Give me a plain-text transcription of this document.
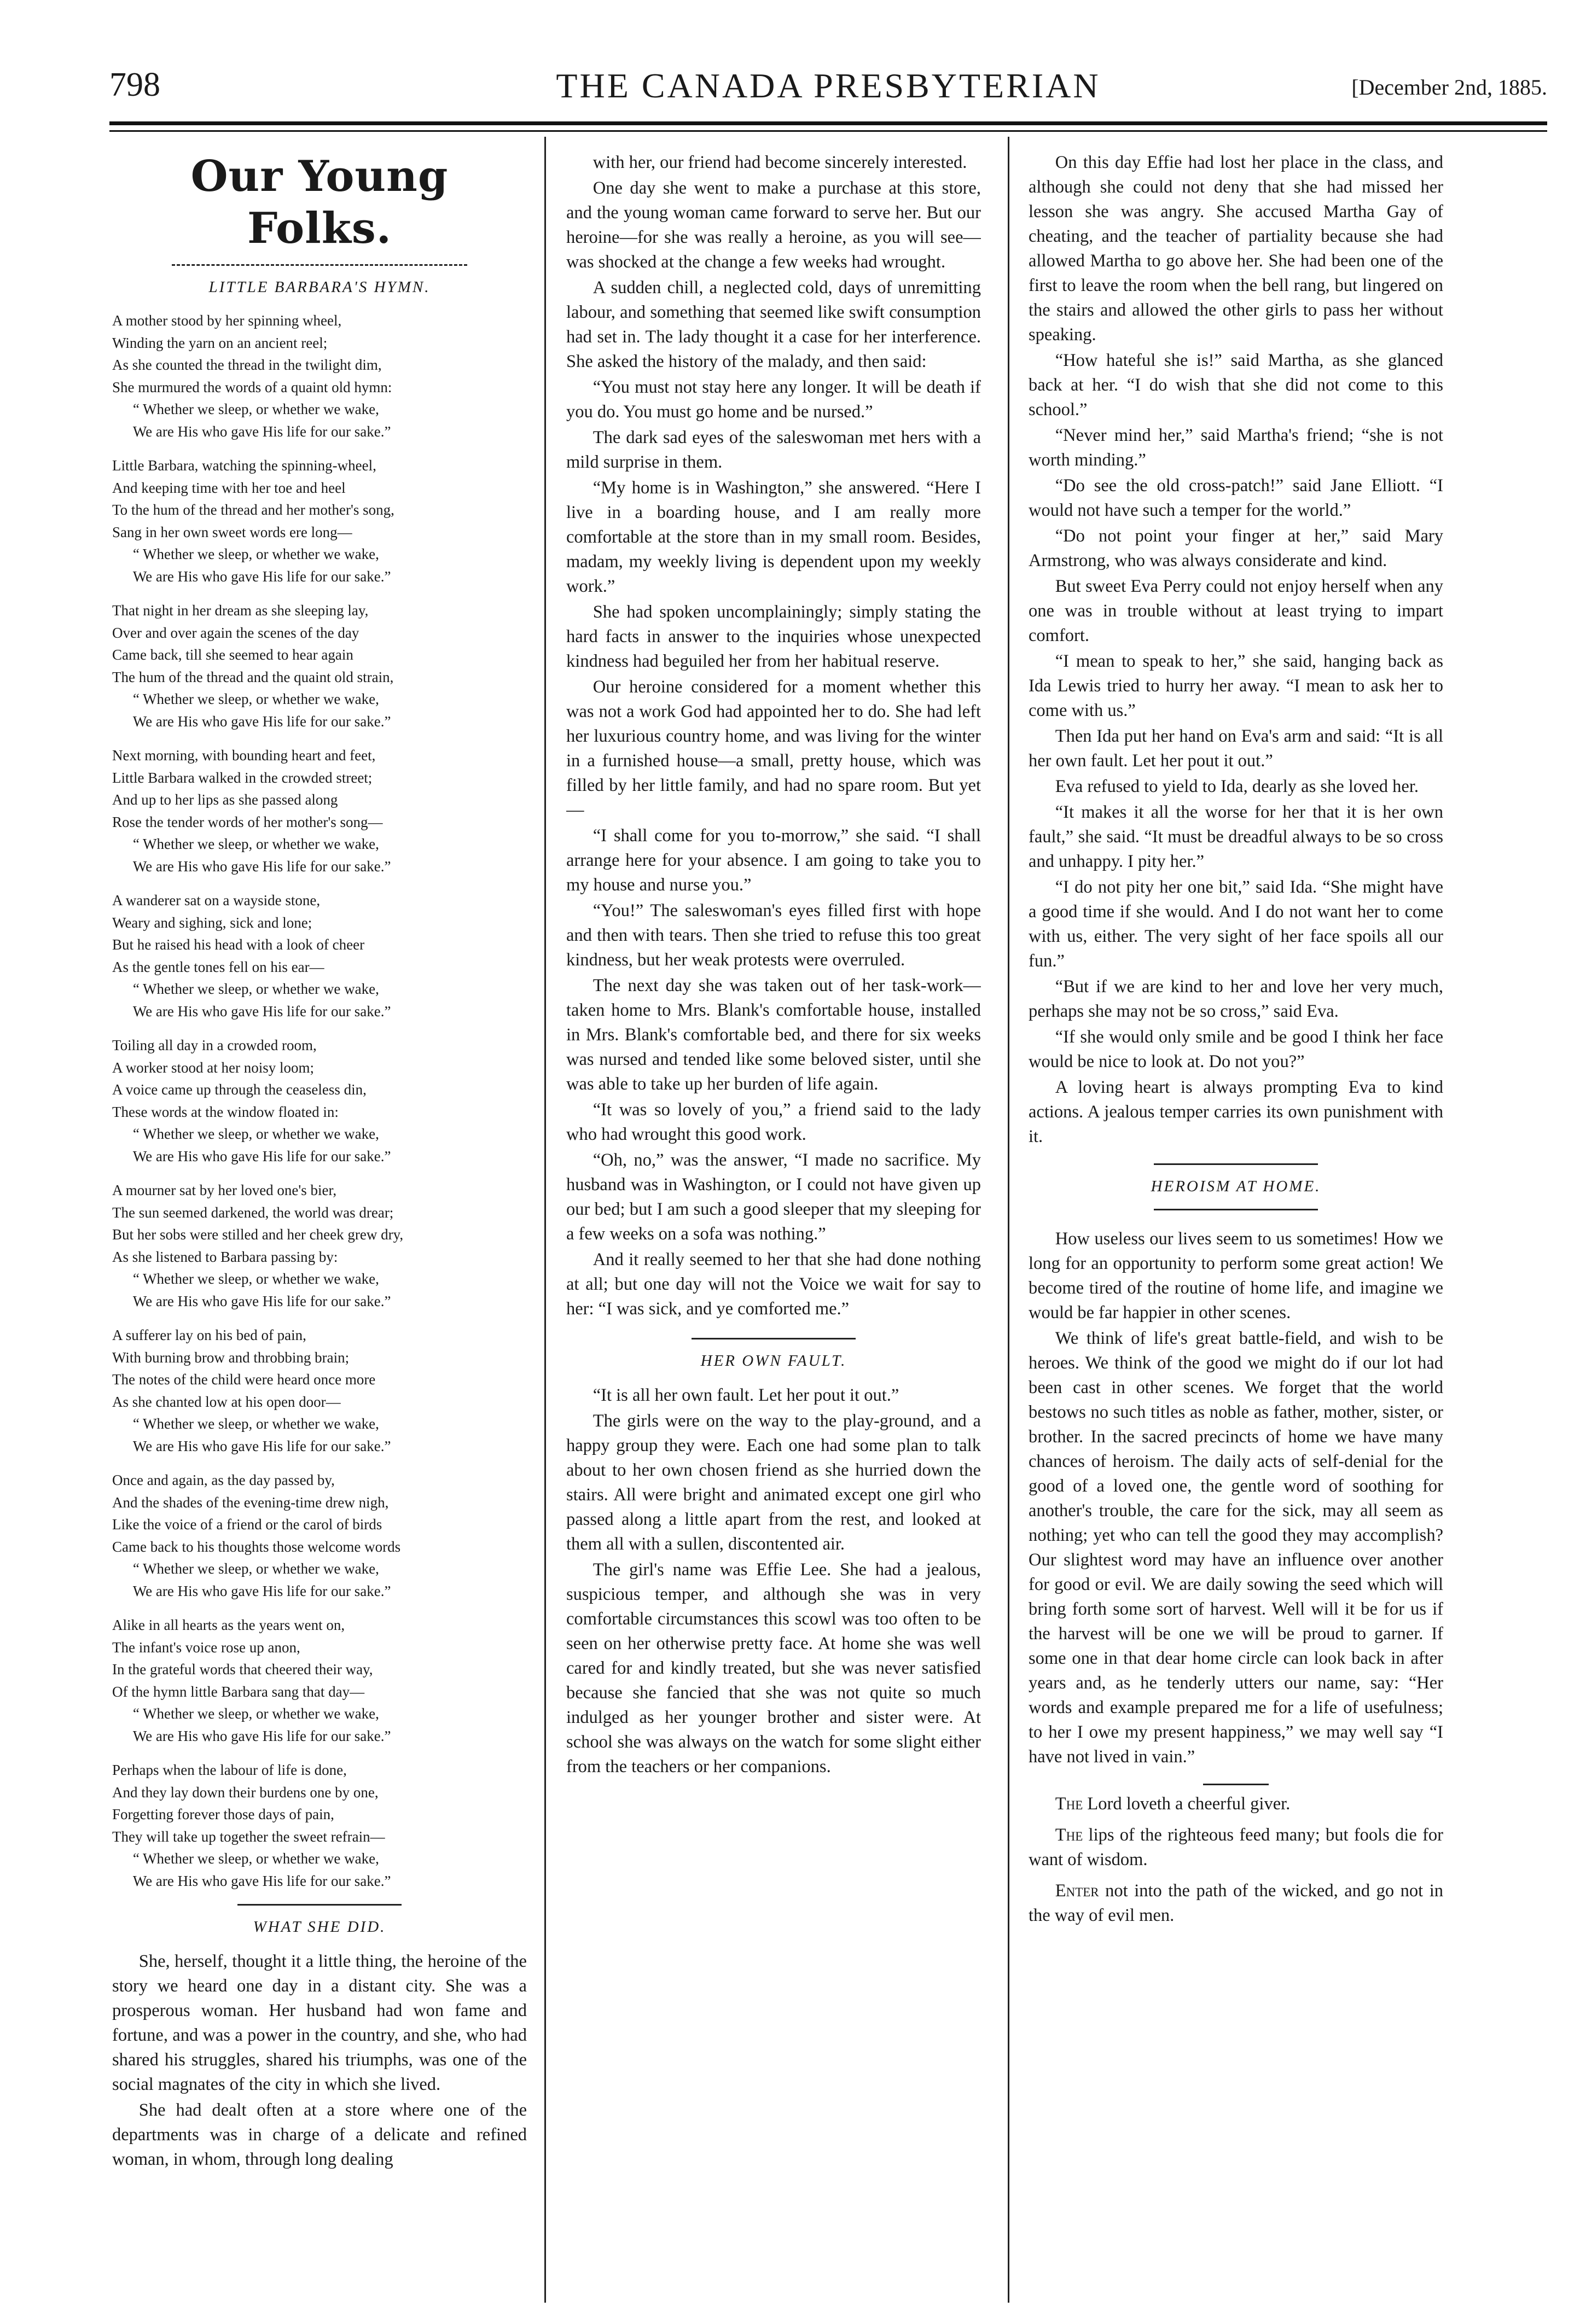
798	THE CANADA PRESBYTERIAN	[December 2nd, 1885.
Our Young Folks.
LITTLE BARBARA'S HYMN.
A mother stood by her spinning wheel,
Winding the yarn on an ancient reel;
As she counted the thread in the twilight dim,
She murmured the words of a quaint old hymn:
“ Whether we sleep, or whether we wake,
We are His who gave His life for our sake.”
Little Barbara, watching the spinning-wheel,
And keeping time with her toe and heel
To the hum of the thread and her mother's song,
Sang in her own sweet words ere long—
“ Whether we sleep, or whether we wake,
We are His who gave His life for our sake.”
That night in her dream as she sleeping lay,
Over and over again the scenes of the day
Came back, till she seemed to hear again
The hum of the thread and the quaint old strain,
“ Whether we sleep, or whether we wake,
We are His who gave His life for our sake.”
Next morning, with bounding heart and feet,
Little Barbara walked in the crowded street;
And up to her lips as she passed along
Rose the tender words of her mother's song—
“ Whether we sleep, or whether we wake,
We are His who gave His life for our sake.”
A wanderer sat on a wayside stone,
Weary and sighing, sick and lone;
But he raised his head with a look of cheer
As the gentle tones fell on his ear—
“ Whether we sleep, or whether we wake,
We are His who gave His life for our sake.”
Toiling all day in a crowded room,
A worker stood at her noisy loom;
A voice came up through the ceaseless din,
These words at the window floated in:
“ Whether we sleep, or whether we wake,
We are His who gave His life for our sake.”
A mourner sat by her loved one's bier,
The sun seemed darkened, the world was drear;
But her sobs were stilled and her cheek grew dry,
As she listened to Barbara passing by:
“ Whether we sleep, or whether we wake,
We are His who gave His life for our sake.”
A sufferer lay on his bed of pain,
With burning brow and throbbing brain;
The notes of the child were heard once more
As she chanted low at his open door—
“ Whether we sleep, or whether we wake,
We are His who gave His life for our sake.”
Once and again, as the day passed by,
And the shades of the evening-time drew nigh,
Like the voice of a friend or the carol of birds
Came back to his thoughts those welcome words
“ Whether we sleep, or whether we wake,
We are His who gave His life for our sake.”
Alike in all hearts as the years went on,
The infant's voice rose up anon,
In the grateful words that cheered their way,
Of the hymn little Barbara sang that day—
“ Whether we sleep, or whether we wake,
We are His who gave His life for our sake.”
Perhaps when the labour of life is done,
And they lay down their burdens one by one,
Forgetting forever those days of pain,
They will take up together the sweet refrain—
“ Whether we sleep, or whether we wake,
We are His who gave His life for our sake.”
WHAT SHE DID.

She, herself, thought it a little thing, the heroine of the story we heard one day in a distant city. She was a prosperous woman. Her husband had won fame and fortune, and was a power in the country, and she, who had shared his struggles, shared his triumphs, was one of the social magnates of the city in which she lived.

She had dealt often at a store where one of the departments was in charge of a delicate and refined woman, in whom, through long dealing

with her, our friend had become sincerely interested.

One day she went to make a purchase at this store, and the young woman came forward to serve her. But our heroine—for she was really a heroine, as you will see—was shocked at the change a few weeks had wrought.

A sudden chill, a neglected cold, days of unremitting labour, and something that seemed like swift consumption had set in. The lady thought it a case for her interference. She asked the history of the malady, and then said:

“You must not stay here any longer. It will be death if you do. You must go home and be nursed.”

The dark sad eyes of the saleswoman met hers with a mild surprise in them.

“My home is in Washington,” she answered. “Here I live in a boarding house, and I am really more comfortable at the store than in my small room. Besides, madam, my weekly living is dependent upon my weekly work.”

She had spoken uncomplainingly; simply stating the hard facts in answer to the inquiries whose unexpected kindness had beguiled her from her habitual reserve.

Our heroine considered for a moment whether this was not a work God had appointed her to do. She had left her luxurious country home, and was living for the winter in a furnished house—a small, pretty house, which was filled by her little family, and had no spare room. But yet—

“I shall come for you to-morrow,” she said. “I shall arrange here for your absence. I am going to take you to my house and nurse you.”

“You!” The saleswoman's eyes filled first with hope and then with tears. Then she tried to refuse this too great kindness, but her weak protests were overruled.

The next day she was taken out of her task-work—taken home to Mrs. Blank's comfortable house, installed in Mrs. Blank's comfortable bed, and there for six weeks was nursed and tended like some beloved sister, until she was able to take up her burden of life again.

“It was so lovely of you,” a friend said to the lady who had wrought this good work.

“Oh, no,” was the answer, “I made no sacrifice. My husband was in Washington, or I could not have given up our bed; but I am such a good sleeper that my sleeping for a few weeks on a sofa was nothing.”

And it really seemed to her that she had done nothing at all; but one day will not the Voice we wait for say to her: “I was sick, and ye comforted me.”

HER OWN FAULT.

“It is all her own fault. Let her pout it out.”

The girls were on the way to the play-ground, and a happy group they were. Each one had some plan to talk about to her own chosen friend as she hurried down the stairs. All were bright and animated except one girl who passed along a little apart from the rest, and looked at them all with a sullen, discontented air.

The girl's name was Effie Lee. She had a jealous, suspicious temper, and although she was in very comfortable circumstances this scowl was too often to be seen on her otherwise pretty face. At home she was well cared for and kindly treated, but she was never satisfied because she fancied that she was not quite so much indulged as her younger brother and sister were. At school she was always on the watch for some slight either from the teachers or her companions.

On this day Effie had lost her place in the class, and although she could not deny that she had missed her lesson she was angry. She accused Martha Gay of cheating, and the teacher of partiality because she had allowed Martha to go above her. She had been one of the first to leave the room when the bell rang, but lingered on the stairs and allowed the other girls to pass her without speaking.

“How hateful she is!” said Martha, as she glanced back at her. “I do wish that she did not come to this school.”

“Never mind her,” said Martha's friend; “she is not worth minding.”

“Do see the old cross-patch!” said Jane Elliott. “I would not have such a temper for the world.”

“Do not point your finger at her,” said Mary Armstrong, who was always considerate and kind.

But sweet Eva Perry could not enjoy herself when any one was in trouble without at least trying to impart comfort.

“I mean to speak to her,” she said, hanging back as Ida Lewis tried to hurry her away. “I mean to ask her to come with us.”

Then Ida put her hand on Eva's arm and said: “It is all her own fault. Let her pout it out.”

Eva refused to yield to Ida, dearly as she loved her.

“It makes it all the worse for her that it is her own fault,” she said. “It must be dreadful always to be so cross and unhappy. I pity her.”

“I do not pity her one bit,” said Ida. “She might have a good time if she would. And I do not want her to come with us, either. The very sight of her face spoils all our fun.”

“But if we are kind to her and love her very much, perhaps she may not be so cross,” said Eva.

“If she would only smile and be good I think her face would be nice to look at. Do not you?”

A loving heart is always prompting Eva to kind actions. A jealous temper carries its own punishment with it.

HEROISM AT HOME.

How useless our lives seem to us sometimes! How we long for an opportunity to perform some great action! We become tired of the routine of home life, and imagine we would be far happier in other scenes.

We think of life's great battle-field, and wish to be heroes. We think of the good we might do if our lot had been cast in other scenes. We forget that the world bestows no such titles as noble as father, mother, sister, or brother. In the sacred precincts of home we have many chances of heroism. The daily acts of self-denial for the good of a loved one, the gentle word of soothing for another's trouble, the care for the sick, may all seem as nothing; yet who can tell the good they may accomplish? Our slightest word may have an influence over another for good or evil. We are daily sowing the seed which will bring forth some sort of harvest. Well will it be for us if the harvest will be one we will be proud to garner. If some one in that dear home circle can look back in after years and, as he tenderly utters our name, say: “Her words and example prepared me for a life of usefulness; to her I owe my present happiness,” we may well say “I have not lived in vain.”

The Lord loveth a cheerful giver.

The lips of the righteous feed many; but fools die for want of wisdom.

Enter not into the path of the wicked, and go not in the way of evil men.
